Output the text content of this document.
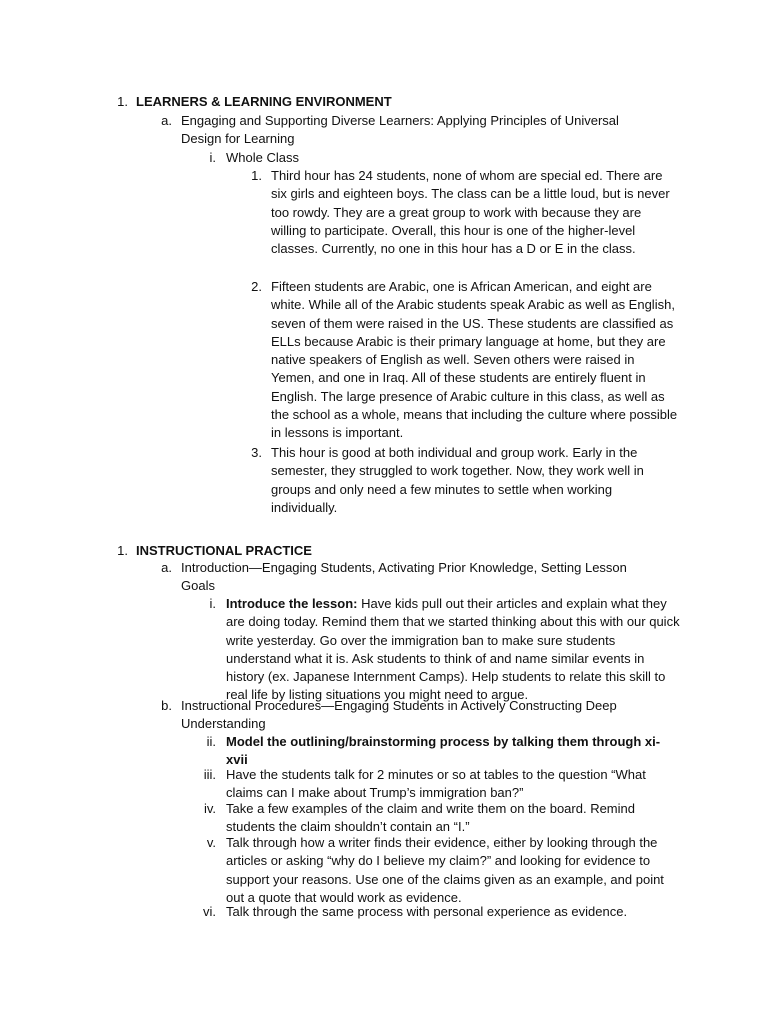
1. LEARNERS & LEARNING ENVIRONMENT
a. Engaging and Supporting Diverse Learners: Applying Principles of Universal Design for Learning
i. Whole Class
1. Third hour has 24 students, none of whom are special ed. There are six girls and eighteen boys. The class can be a little loud, but is never too rowdy. They are a great group to work with because they are willing to participate. Overall, this hour is one of the higher-level classes. Currently, no one in this hour has a D or E in the class.
2. Fifteen students are Arabic, one is African American, and eight are white. While all of the Arabic students speak Arabic as well as English, seven of them were raised in the US. These students are classified as ELLs because Arabic is their primary language at home, but they are native speakers of English as well. Seven others were raised in Yemen, and one in Iraq. All of these students are entirely fluent in English. The large presence of Arabic culture in this class, as well as the school as a whole, means that including the culture where possible in lessons is important.
3. This hour is good at both individual and group work. Early in the semester, they struggled to work together. Now, they work well in groups and only need a few minutes to settle when working individually.
1. INSTRUCTIONAL PRACTICE
a. Introduction—Engaging Students, Activating Prior Knowledge, Setting Lesson Goals
i. Introduce the lesson: Have kids pull out their articles and explain what they are doing today. Remind them that we started thinking about this with our quick write yesterday. Go over the immigration ban to make sure students understand what it is. Ask students to think of and name similar events in history (ex. Japanese Internment Camps). Help students to relate this skill to real life by listing situations you might need to argue.
b. Instructional Procedures—Engaging Students in Actively Constructing Deep Understanding
ii. Model the outlining/brainstorming process by talking them through xi-xvii
iii. Have the students talk for 2 minutes or so at tables to the question “What claims can I make about Trump’s immigration ban?”
iv. Take a few examples of the claim and write them on the board. Remind students the claim shouldn’t contain an “I.”
v. Talk through how a writer finds their evidence, either by looking through the articles or asking “why do I believe my claim?” and looking for evidence to support your reasons. Use one of the claims given as an example, and point out a quote that would work as evidence.
vi. Talk through the same process with personal experience as evidence.
